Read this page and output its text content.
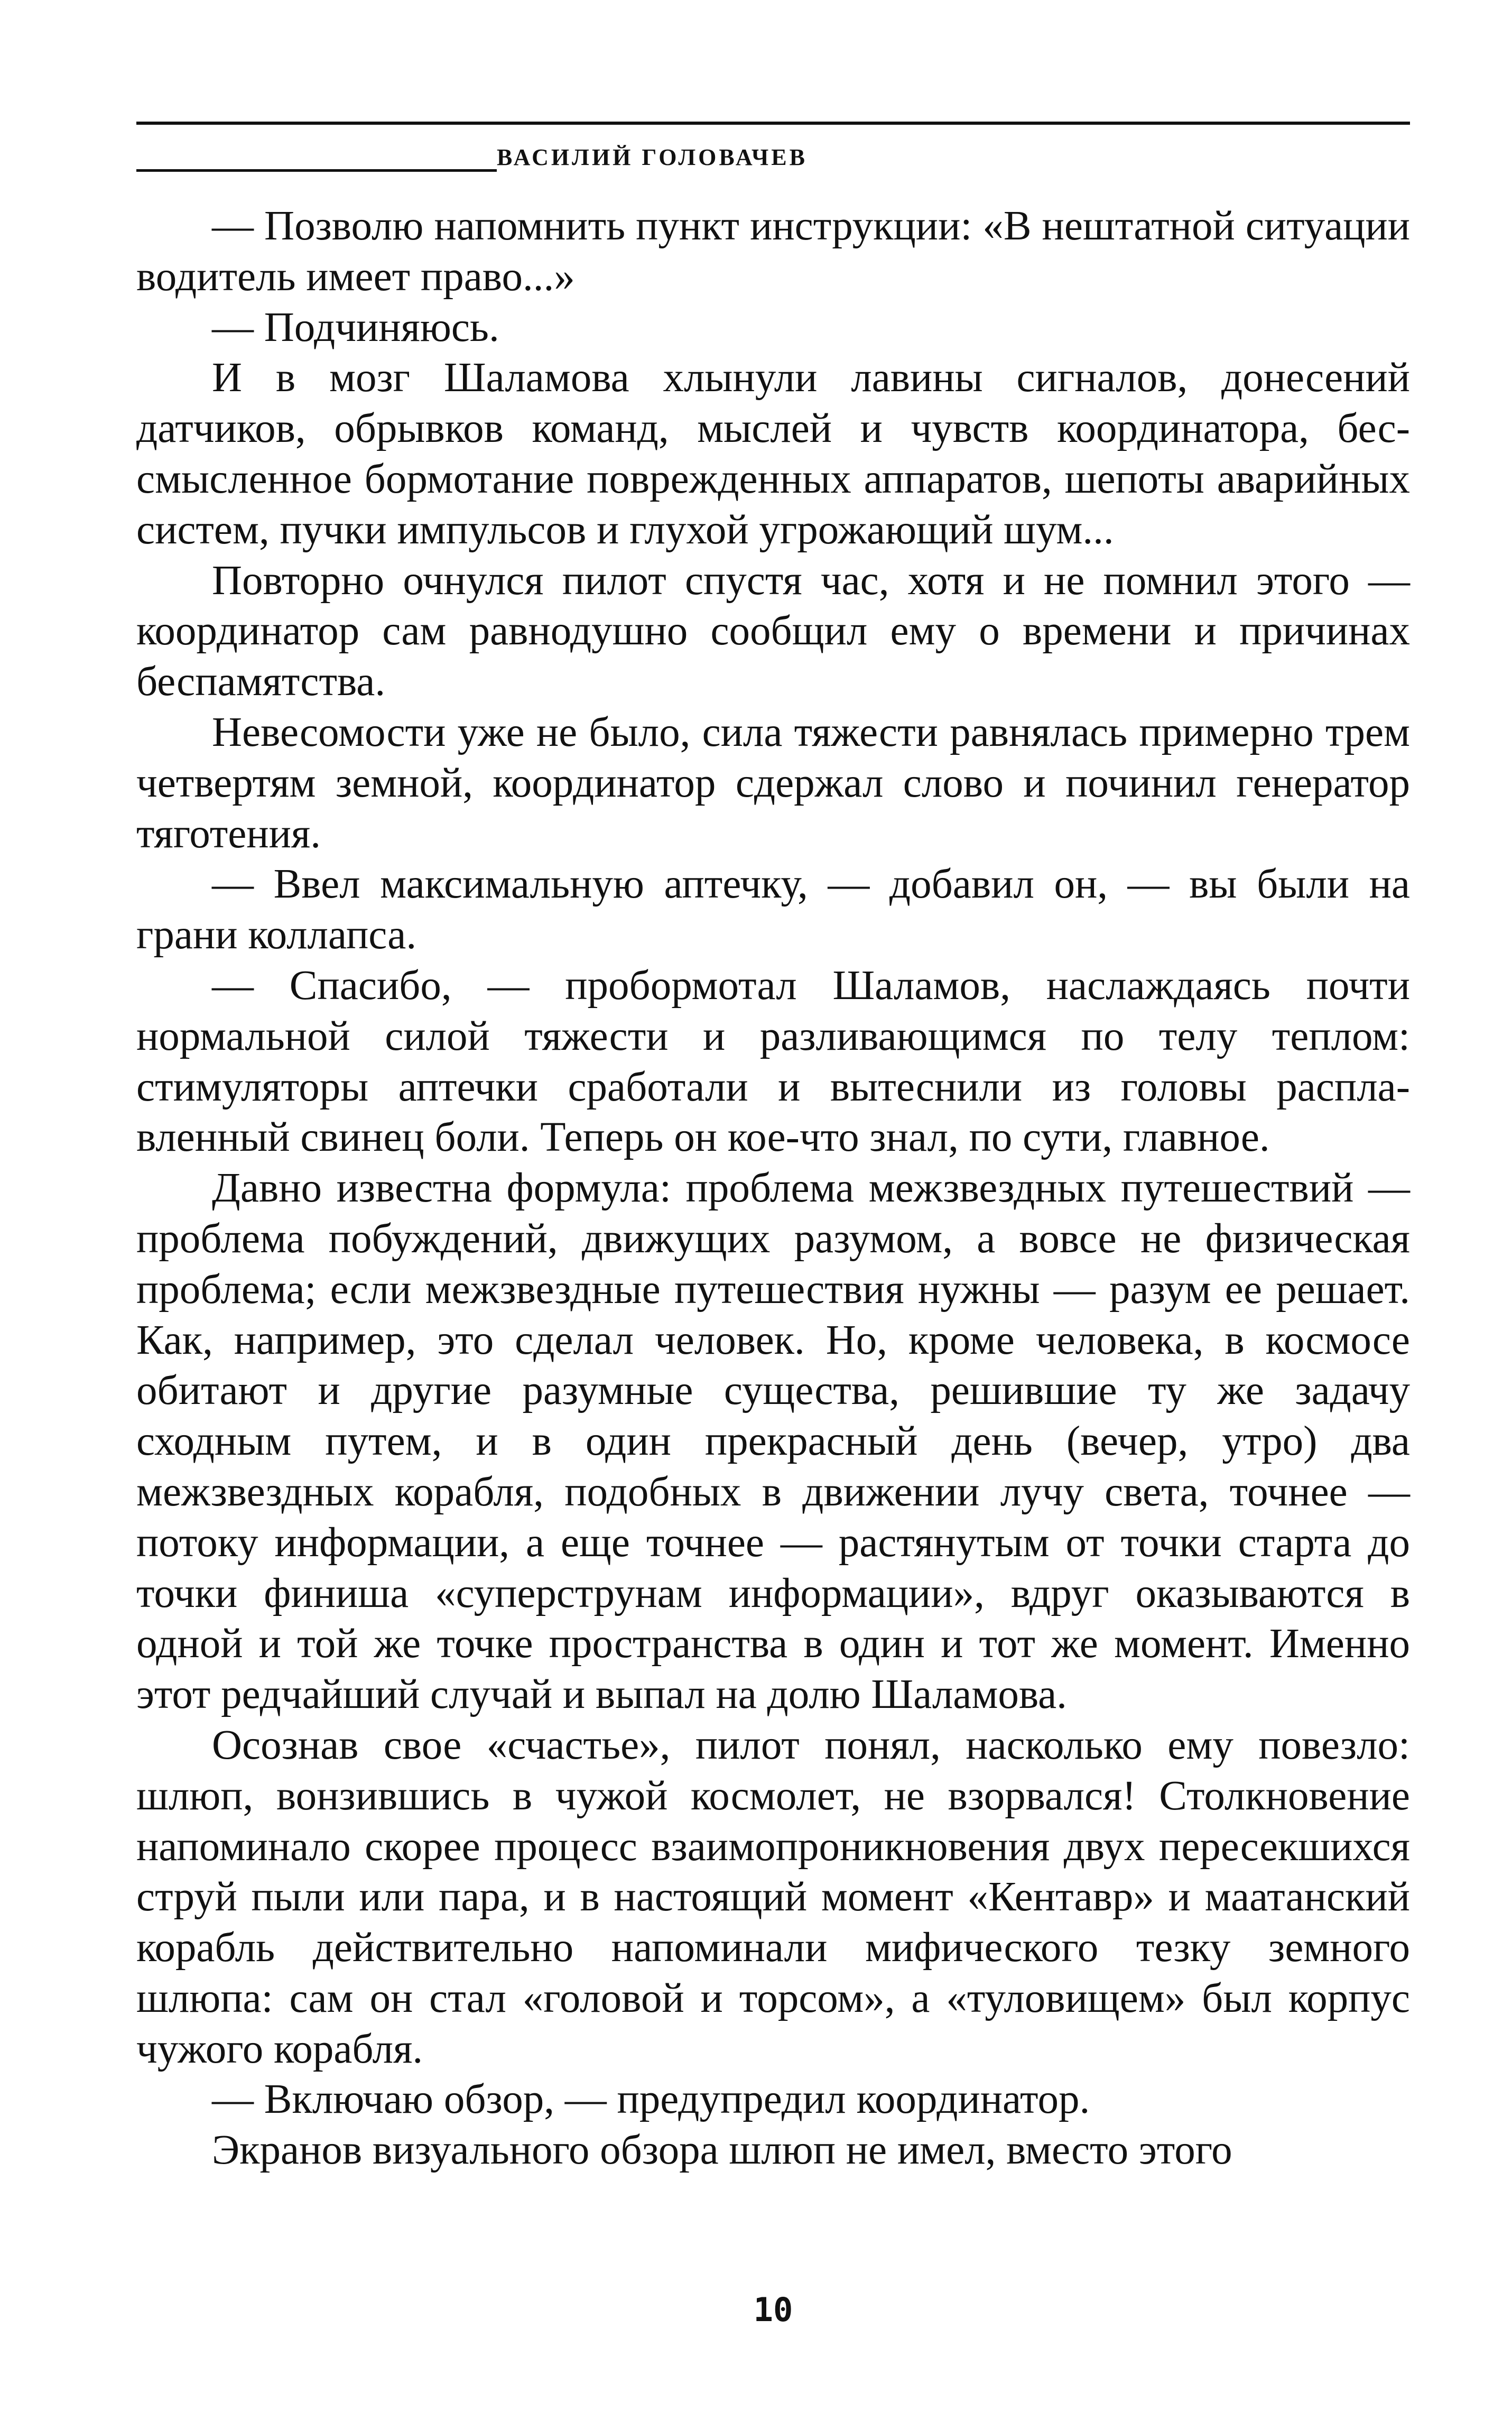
ВАСИЛИЙ ГОЛОВАЧЕВ

— Позволю напомнить пункт инструкции: «В нештатной ситуации водитель имеет право...»

— Подчиняюсь.

И в мозг Шаламова хлынули лавины сигналов, донесений датчиков, обрывков команд, мыслей и чувств координатора, бессмысленное бормотание поврежденных аппаратов, шепоты аварийных систем, пучки импульсов и глухой угрожающий шум...

Повторно очнулся пилот спустя час, хотя и не помнил этого — координатор сам равнодушно сообщил ему о времени и причинах беспамятства.

Невесомости уже не было, сила тяжести равнялась примерно трем четвертям земной, координатор сдержал слово и починил генератор тяготения.

— Ввел максимальную аптечку, — добавил он, — вы были на грани коллапса.

— Спасибо, — пробормотал Шаламов, наслаждаясь почти нормальной силой тяжести и разливающимся по телу теплом: стимуляторы аптечки сработали и вытеснили из головы расплавленный свинец боли. Теперь он кое-что знал, по сути, главное.

Давно известна формула: проблема межзвездных путешествий — проблема побуждений, движущих разумом, а вовсе не физическая проблема; если межзвездные путешествия нужны — разум ее решает. Как, например, это сделал человек. Но, кроме человека, в космосе обитают и другие разумные существа, решившие ту же задачу сходным путем, и в один прекрасный день (вечер, утро) два межзвездных корабля, подобных в движении лучу света, точнее — потоку информации, а еще точнее — растянутым от точки старта до точки финиша «суперструнам информации», вдруг оказываются в одной и той же точке пространства в один и тот же момент. Именно этот редчайший случай и выпал на долю Шаламова.

Осознав свое «счастье», пилот понял, насколько ему повезло: шлюп, вонзившись в чужой космолет, не взорвался! Столкновение напоминало скорее процесс взаимопроникновения двух пересекшихся струй пыли или пара, и в настоящий момент «Кентавр» и маатанский корабль действительно напоминали мифического тезку земного шлюпа: сам он стал «головой и торсом», а «туловищем» был корпус чужого корабля.

— Включаю обзор, — предупредил координатор.

Экранов визуального обзора шлюп не имел, вместо этого

10
